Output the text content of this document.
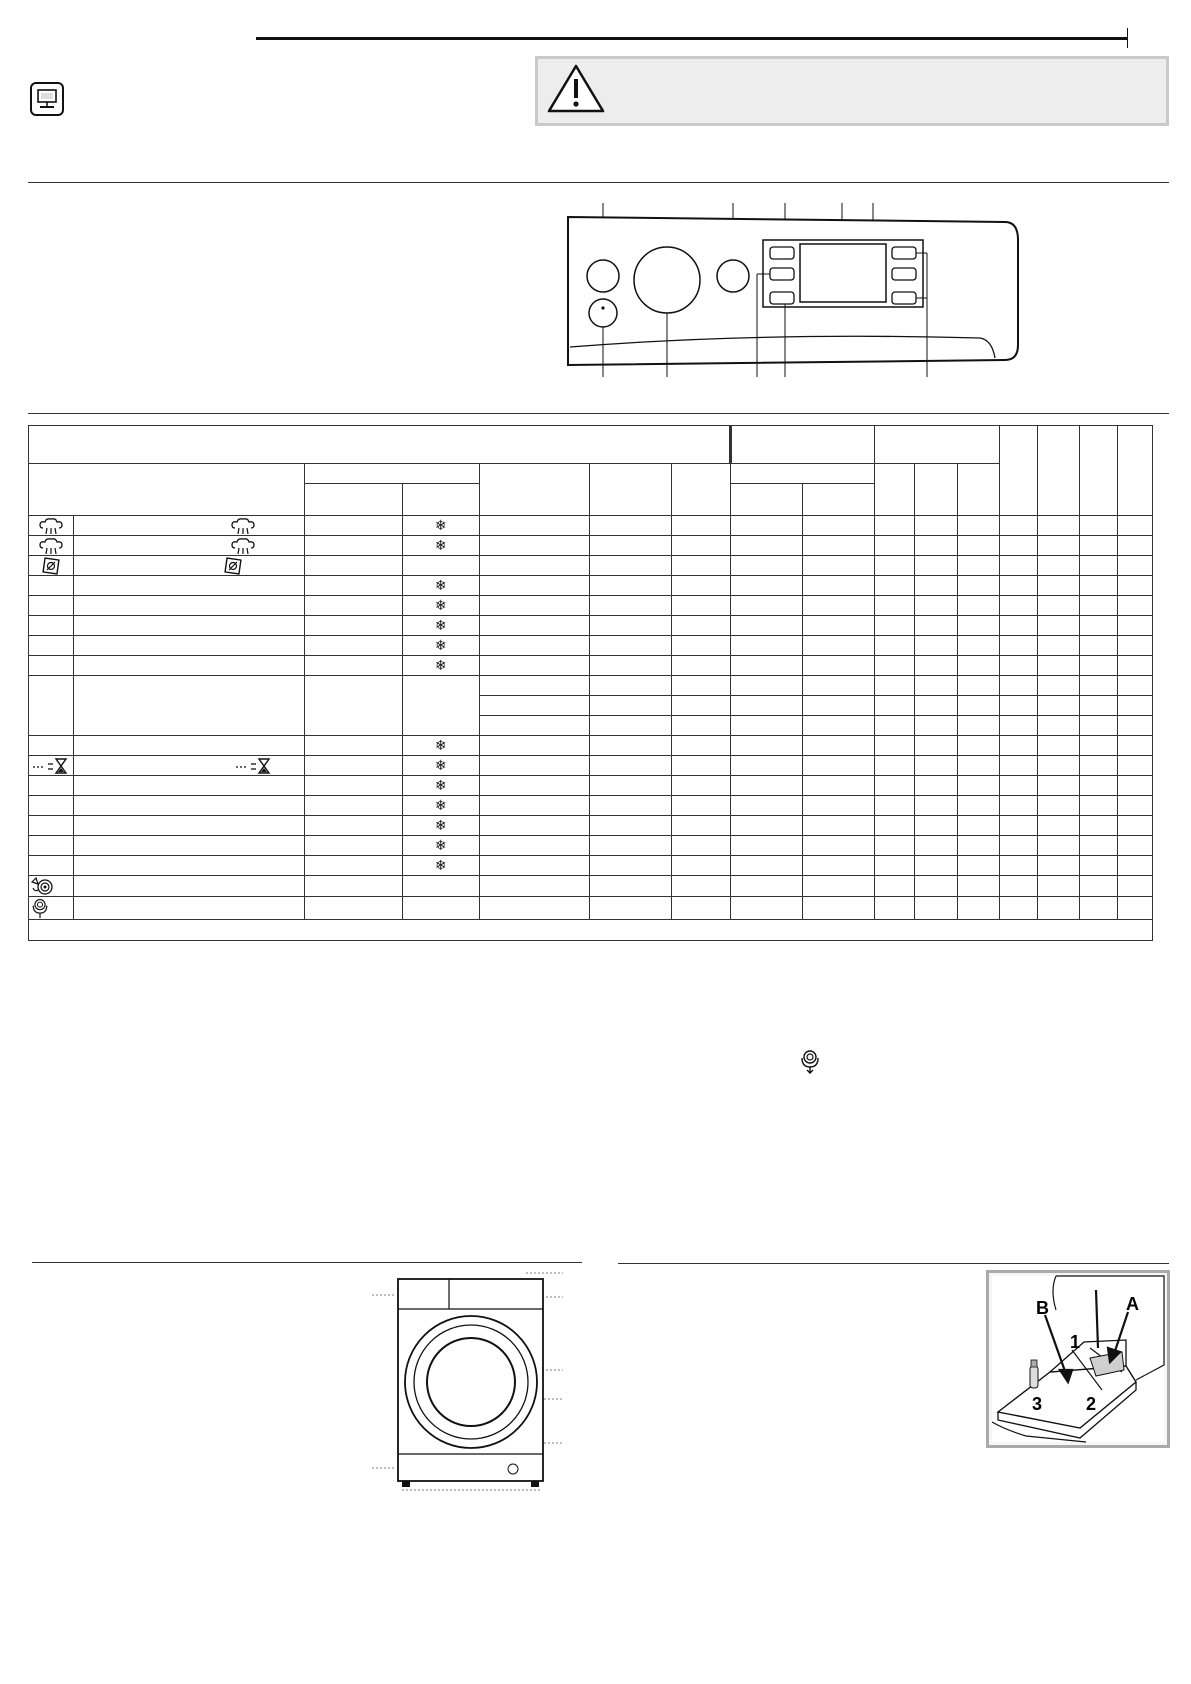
			❄												
			❄												

			❄												
			❄												
			❄												
			❄												
			❄												

			❄												
			❄												
			❄												
			❄												
			❄												
			❄												
			❄												

B	A
1
2
3
